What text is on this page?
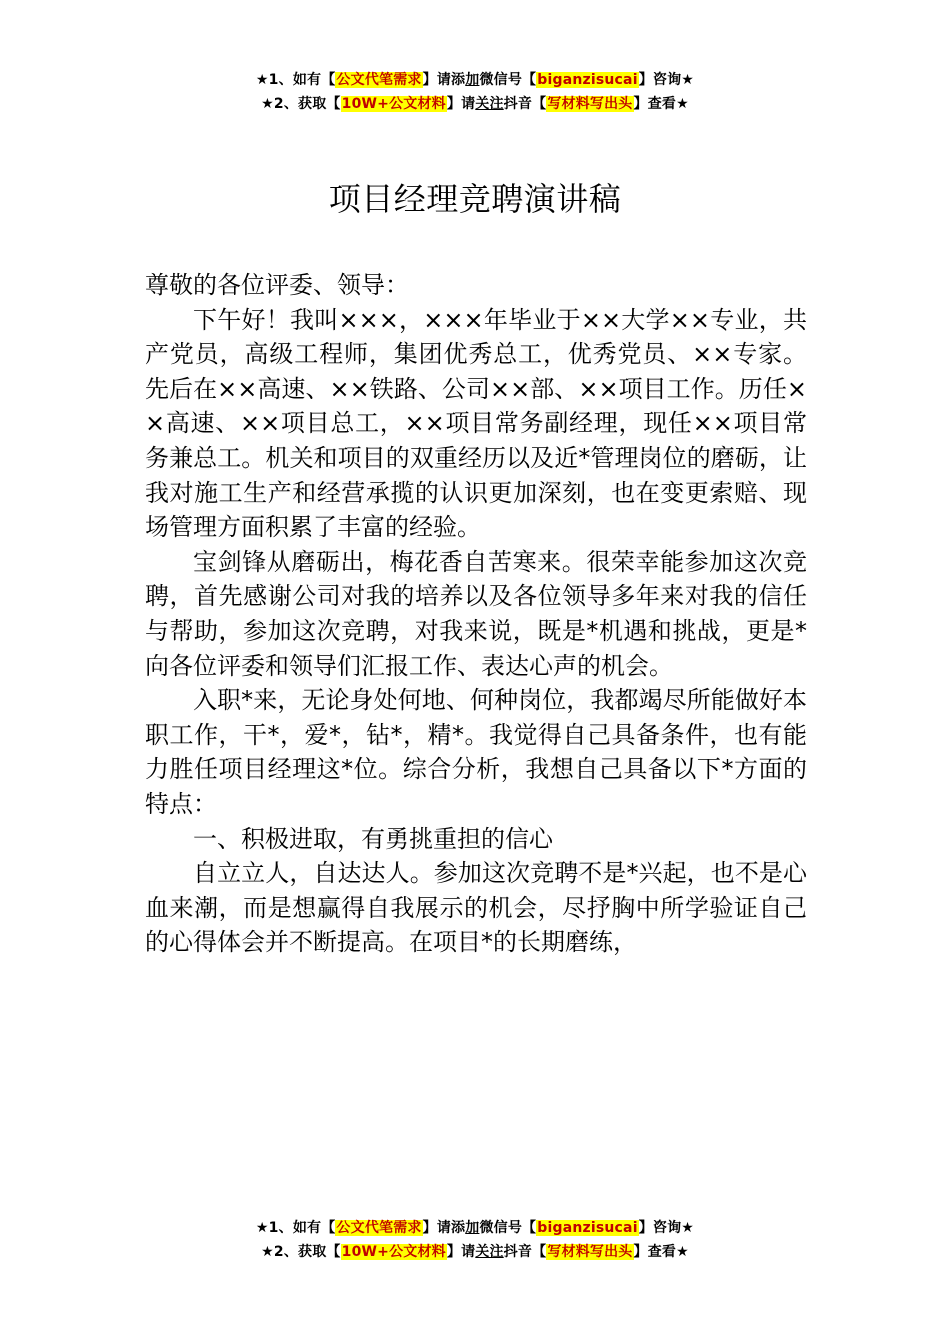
★1、如有【公文代笔需求】请添加微信号【biganzisucai】咨询★
★2、获取【10W+公文材料】请关注抖音【写材料写出头】查看★
项目经理竞聘演讲稿

尊敬的各位评委、领导：

下午好！我叫×××，×××年毕业于××大学××专业，共产党员，高级工程师，集团优秀总工，优秀党员、××专家。先后在××高速、××铁路、公司××部、××项目工作。历任××高速、××项目总工，××项目常务副经理，现任××项目常务兼总工。机关和项目的双重经历以及近*管理岗位的磨砺，让我对施工生产和经营承揽的认识更加深刻，也在变更索赔、现场管理方面积累了丰富的经验。

宝剑锋从磨砺出，梅花香自苦寒来。很荣幸能参加这次竞聘，首先感谢公司对我的培养以及各位领导多年来对我的信任与帮助，参加这次竞聘，对我来说，既是*机遇和挑战，更是*向各位评委和领导们汇报工作、表达心声的机会。

入职*来，无论身处何地、何种岗位，我都竭尽所能做好本职工作，干*，爱*，钻*，精*。我觉得自己具备条件，也有能力胜任项目经理这*位。综合分析，我想自己具备以下*方面的特点：

一、积极进取，有勇挑重担的信心

自立立人，自达达人。参加这次竞聘不是*兴起，也不是心血来潮，而是想赢得自我展示的机会，尽抒胸中所学验证自己的心得体会并不断提高。在项目*的长期磨练，

★1、如有【公文代笔需求】请添加微信号【biganzisucai】咨询★
★2、获取【10W+公文材料】请关注抖音【写材料写出头】查看★
